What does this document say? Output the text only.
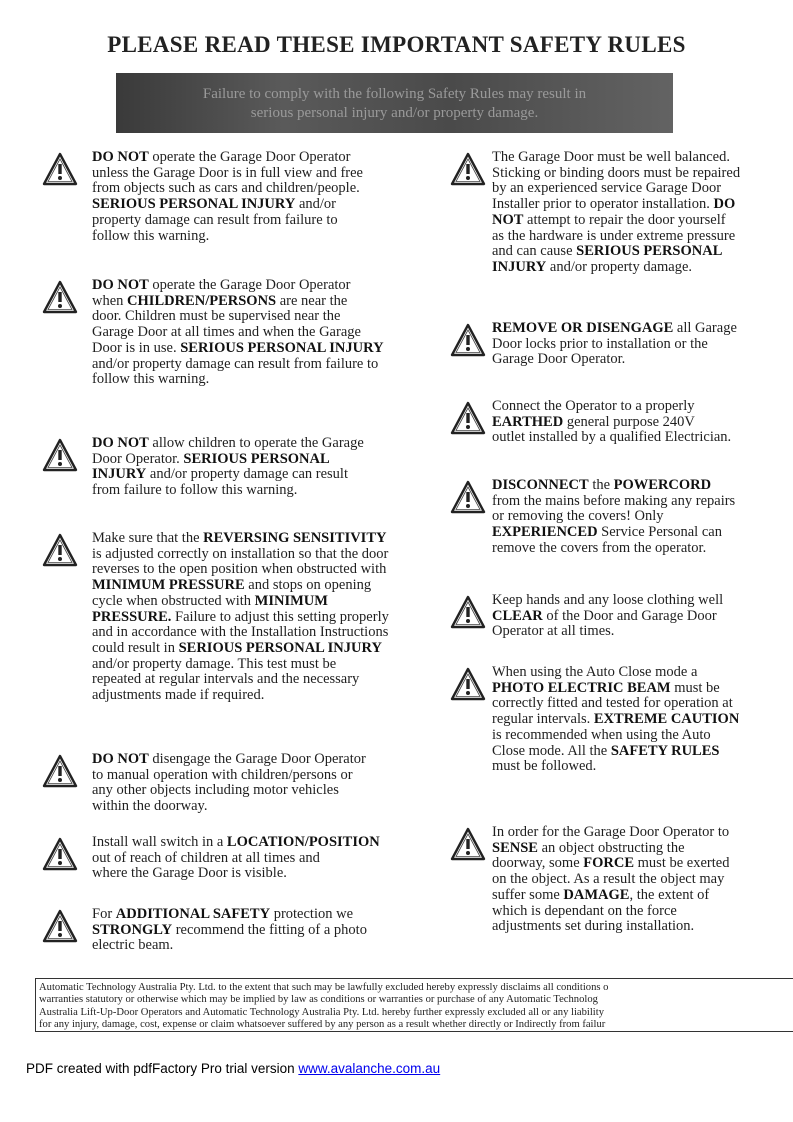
PLEASE READ THESE IMPORTANT SAFETY RULES
Failure to comply with the following Safety Rules may result in
serious personal injury and/or property damage.
DO NOT operate the Garage Door Operator
unless the Garage Door is in full view and free
from objects such as cars and children/people.
SERIOUS PERSONAL INJURY and/or
property damage can result from failure to
follow this warning.
DO NOT operate the Garage Door Operator
when CHILDREN/PERSONS are near the
door. Children must be supervised near the
Garage Door at all times and when the Garage
Door is in use. SERIOUS PERSONAL INJURY
and/or property damage can result from failure to
follow this warning.
DO NOT allow children to operate the Garage
Door Operator. SERIOUS PERSONAL
INJURY and/or property damage can result
from failure to follow this warning.
Make sure that the REVERSING SENSITIVITY
is adjusted correctly on installation so that the door
reverses to the open position when obstructed with
MINIMUM PRESSURE and stops on opening
cycle when obstructed with MINIMUM
PRESSURE. Failure to adjust this setting properly
and in accordance with the Installation Instructions
could result in SERIOUS PERSONAL INJURY
and/or property damage. This test must be
repeated at regular intervals and the necessary
adjustments made if required.
DO NOT disengage the Garage Door Operator
to manual operation with children/persons or
any other objects including motor vehicles
within the doorway.
Install wall switch in a LOCATION/POSITION
out of reach of children at all times and
where the Garage Door is visible.
For ADDITIONAL SAFETY protection we
STRONGLY recommend the fitting of a photo
electric beam.
The Garage Door must be well balanced.
Sticking or binding doors must be repaired
by an experienced service Garage Door
Installer prior to operator installation. DO
NOT attempt to repair the door yourself
as the hardware is under extreme pressure
and can cause SERIOUS PERSONAL
INJURY and/or property damage.
REMOVE OR DISENGAGE all Garage
Door locks prior to installation or the
Garage Door Operator.
Connect the Operator to a properly
EARTHED general purpose 240V
outlet installed by a qualified Electrician.
DISCONNECT the POWERCORD
from the mains before making any repairs
or removing the covers! Only
EXPERIENCED Service Personal can
remove the covers from the operator.
Keep hands and any loose clothing well
CLEAR of the Door and Garage Door
Operator at all times.
When using the Auto Close mode a
PHOTO ELECTRIC BEAM must be
correctly fitted and tested for operation at
regular intervals. EXTREME CAUTION
is recommended when using the Auto
Close mode. All the SAFETY RULES
must be followed.
In order for the Garage Door Operator to
SENSE an object obstructing the
doorway, some FORCE must be exerted
on the object. As a result the object may
suffer some DAMAGE, the extent of
which is dependant on the force
adjustments set during installation.
Automatic Technology Australia Pty. Ltd. to the extent that such may be lawfully excluded hereby expressly disclaims all conditions o
warranties statutory or otherwise which may be implied by law as conditions or warranties or purchase of any Automatic Technolog
Australia Lift-Up-Door Operators and Automatic Technology Australia Pty. Ltd. hereby further expressly excluded all or any liability
for any injury, damage, cost, expense or claim whatsoever suffered by any person as a result whether directly or Indirectly from failur
PDF created with pdfFactory Pro trial version www.avalanche.com.au
